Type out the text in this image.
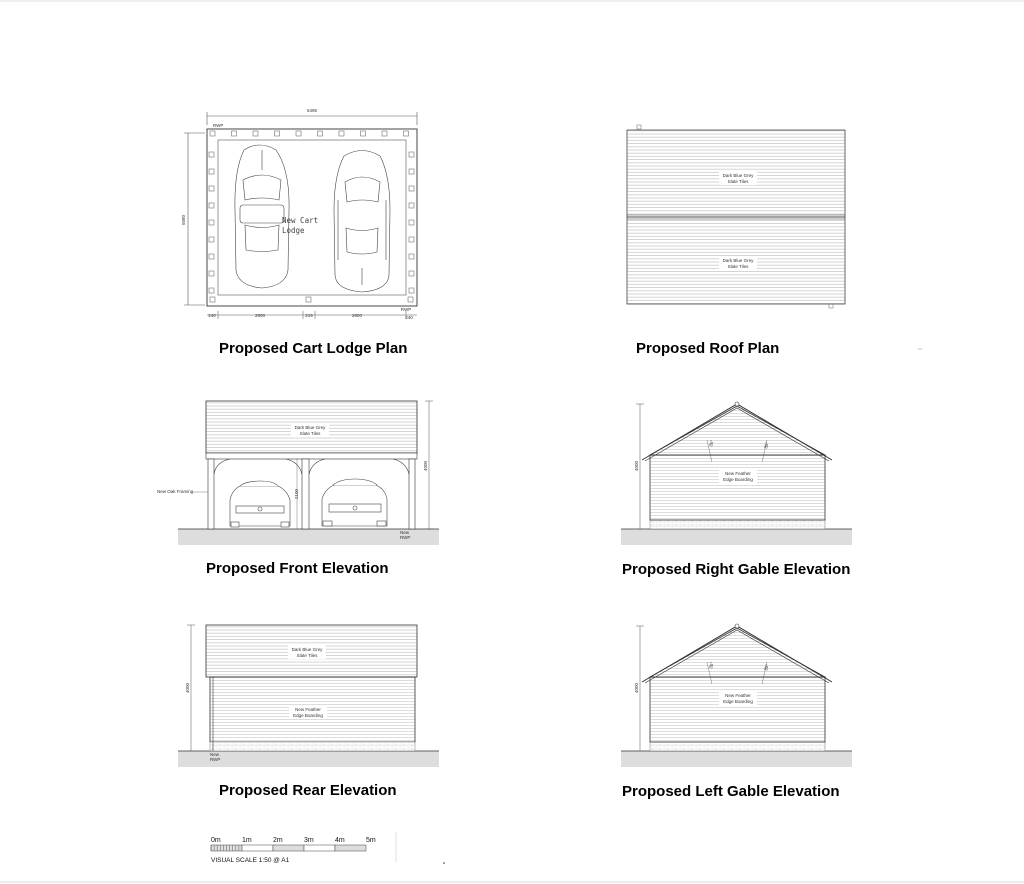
6495
5680
RWP
New Cart
Lodge
240	2800	215	2800	240
RWP
Dark Blue Grey
Slate Tiles
Dark Blue Grey
Slate Tiles
Dark Blue Grey
Slate Tiles
2100
4000
New Oak Framing
New
RWP
35°	35°
New Feather
Edge Boarding
4000
Dark Blue Grey
Slate Tiles
New Feather
Edge Boarding
4000
New
RWP
35°	35°
New Feather
Edge Boarding
4000
0m	1m	2m	3m	4m	5m
VISUAL SCALE 1:50 @ A1
Proposed Cart Lodge Plan	Proposed Roof Plan
Proposed Front Elevation	Proposed Right Gable Elevation
Proposed Rear Elevation	Proposed Left Gable Elevation
